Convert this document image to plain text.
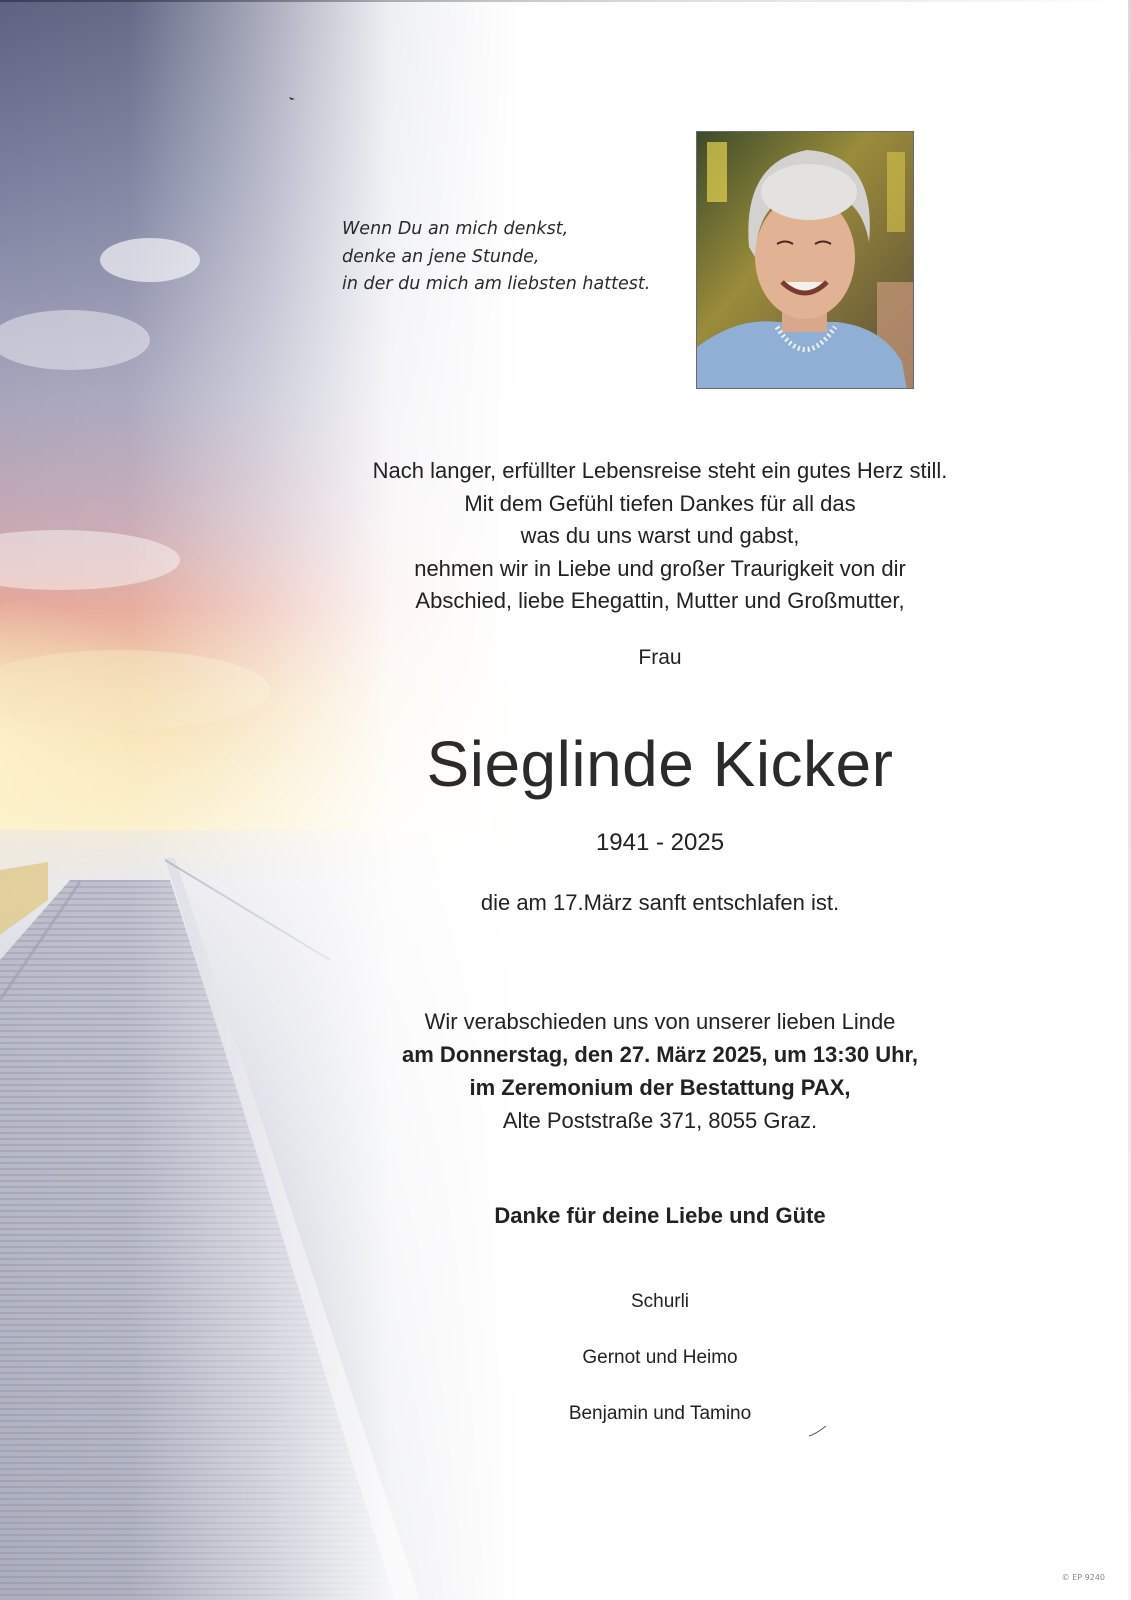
Wenn Du an mich denkst,
denke an jene Stunde,
in der du mich am liebsten hattest.
Nach langer, erfüllter Lebensreise steht ein gutes Herz still.
Mit dem Gefühl tiefen Dankes für all das
was du uns warst und gabst,
nehmen wir in Liebe und großer Traurigkeit von dir
Abschied, liebe Ehegattin, Mutter und Großmutter,
Frau
Sieglinde Kicker
1941 - 2025
die am 17.März sanft entschlafen ist.
Wir verabschieden uns von unserer lieben Linde
am Donnerstag, den 27. März 2025, um 13:30 Uhr,
im Zeremonium der Bestattung PAX,
Alte Poststraße 371, 8055 Graz.
Danke für deine Liebe und Güte
Schurli
Gernot und Heimo
Benjamin und Tamino
© EP 9240
